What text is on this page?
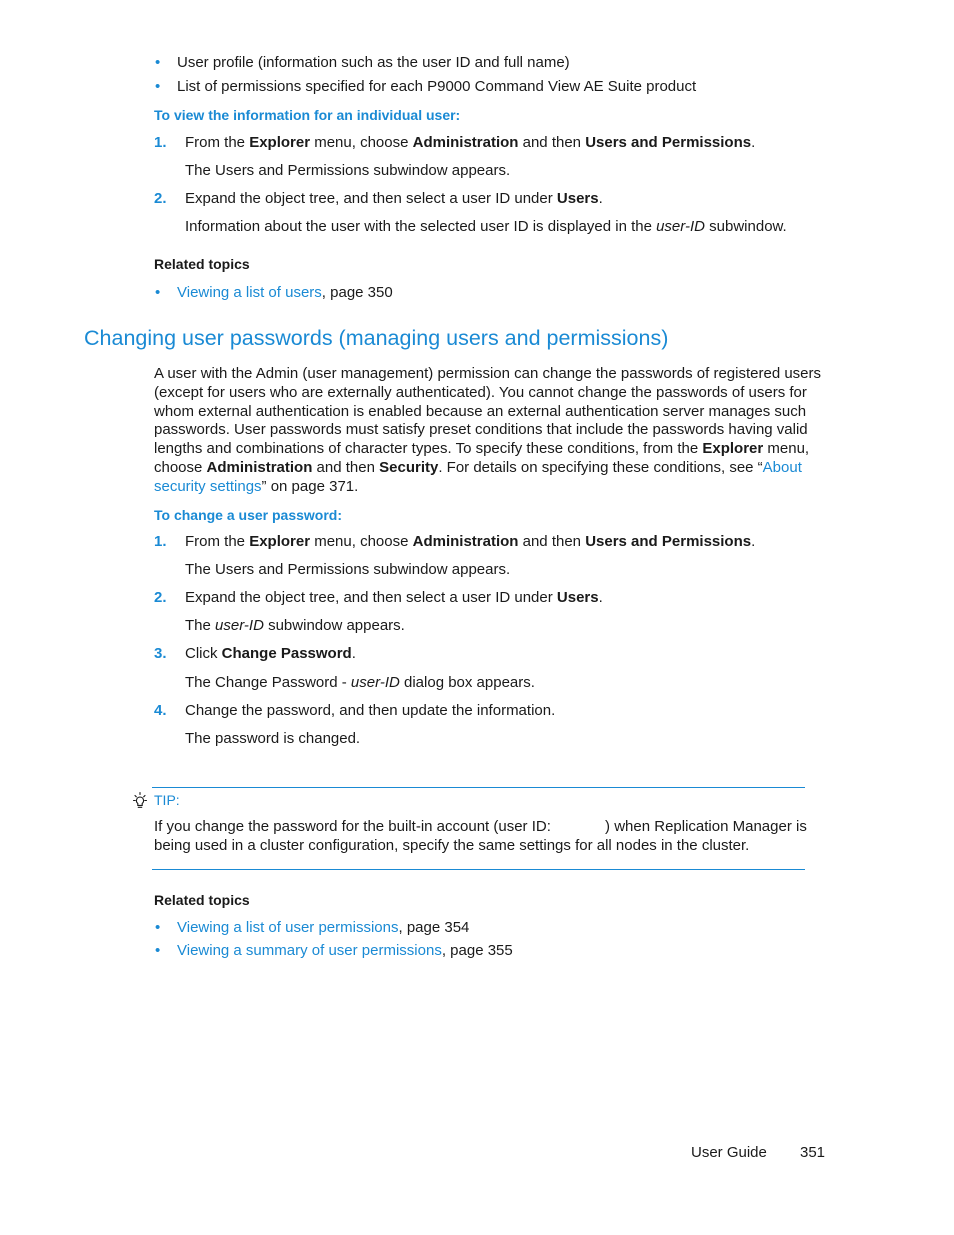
• User profile (information such as the user ID and full name)
• List of permissions specified for each P9000 Command View AE Suite product
To view the information for an individual user:
1. From the Explorer menu, choose Administration and then Users and Permissions.
The Users and Permissions subwindow appears.
2. Expand the object tree, and then select a user ID under Users.
Information about the user with the selected user ID is displayed in the user-ID subwindow.
Related topics
• Viewing a list of users, page 350
Changing user passwords (managing users and permissions)
A user with the Admin (user management) permission can change the passwords of registered users (except for users who are externally authenticated). You cannot change the passwords of users for whom external authentication is enabled because an external authentication server manages such passwords. User passwords must satisfy preset conditions that include the passwords having valid lengths and combinations of character types. To specify these conditions, from the Explorer menu, choose Administration and then Security. For details on specifying these conditions, see “About security settings” on page 371.
To change a user password:
1. From the Explorer menu, choose Administration and then Users and Permissions.
The Users and Permissions subwindow appears.
2. Expand the object tree, and then select a user ID under Users.
The user-ID subwindow appears.
3. Click Change Password.
The Change Password - user-ID dialog box appears.
4. Change the password, and then update the information.
The password is changed.
TIP:
If you change the password for the built-in account (user ID:             ) when Replication Manager is being used in a cluster configuration, specify the same settings for all nodes in the cluster.
Related topics
• Viewing a list of user permissions, page 354
• Viewing a summary of user permissions, page 355
User Guide 351
